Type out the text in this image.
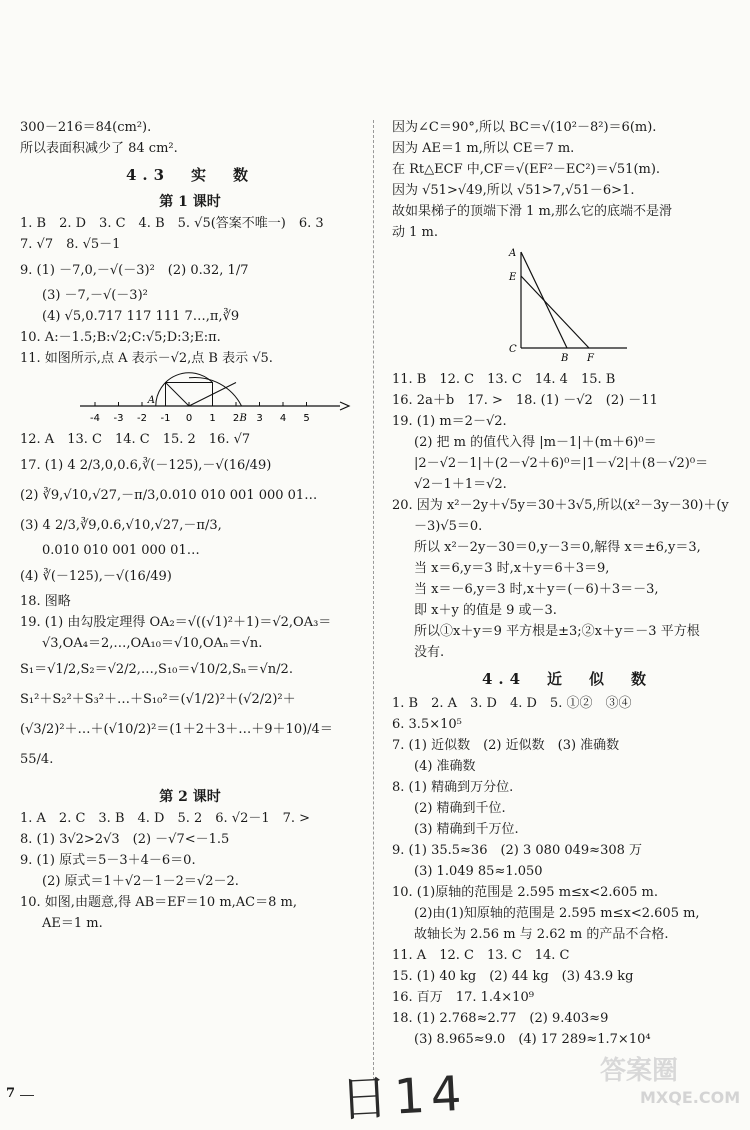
300－216＝84(cm²).
所以表面积减少了 84 cm².
4.3　实　数
第 1 课时
1. B　2. D　3. C　4. B　5. √5(答案不唯一)　6. 3
7. √7　8. √5－1
9. (1) －7,0,－√(－3)²　(2) 0.32, 1/7
(3) －7,－√(－3)²
(4) √5,0.717 117 111 7…,π,∛9
10. A:－1.5;B:√2;C:√5;D:3;E:π.
11. 如图所示,点 A 表示－√2,点 B 表示 √5.
-4 -3 -2 -1 0 1 2 3 4 5
A
B
12. A　13. C　14. C　15. 2　16. √7
17. (1) 4 2/3,0,0.6,∛(－125),－√(16/49)
(2) ∛9,√10,√27,－π/3,0.010 010 001 000 01…
(3) 4 2/3,∛9,0.6,√10,√27,－π/3,
0.010 010 001 000 01…
(4) ∛(－125),－√(16/49)
18. 图略
19. (1) 由勾股定理得 OA₂＝√((√1)²＋1)＝√2,OA₃＝
√3,OA₄＝2,…,OA₁₀＝√10,OAₙ＝√n.
S₁＝√1/2,S₂＝√2/2,…,S₁₀＝√10/2,Sₙ＝√n/2.
S₁²＋S₂²＋S₃²＋…＋S₁₀²＝(√1/2)²＋(√2/2)²＋
(√3/2)²＋…＋(√10/2)²＝(1＋2＋3＋…＋9＋10)/4＝
55/4.
第 2 课时
1. A　2. C　3. B　4. D　5. 2　6. √2－1　7. >
8. (1) 3√2>2√3　(2) －√7<－1.5
9. (1) 原式＝5－3＋4－6＝0.
(2) 原式＝1＋√2－1－2＝√2－2.
10. 如图,由题意,得 AB＝EF＝10 m,AC＝8 m,
AE＝1 m.
因为∠C＝90°,所以 BC＝√(10²－8²)＝6(m).
因为 AE＝1 m,所以 CE＝7 m.
在 Rt△ECF 中,CF＝√(EF²－EC²)＝√51(m).
因为 √51>√49,所以 √51>7,√51－6>1.
故如果梯子的顶端下滑 1 m,那么它的底端不是滑
动 1 m.
A
E
C
B F
11. B　12. C　13. C　14. 4　15. B
16. 2a＋b　17. >　18. (1) －√2　(2) －11
19. (1) m＝2－√2.
(2) 把 m 的值代入得 |m－1|＋(m＋6)⁰＝
|2－√2－1|＋(2－√2＋6)⁰＝|1－√2|＋(8－√2)⁰＝
√2－1＋1＝√2.
20. 因为 x²－2y＋√5y＝30＋3√5,所以(x²－3y－30)＋(y
－3)√5＝0.
所以 x²－2y－30＝0,y－3＝0,解得 x＝±6,y＝3,
当 x＝6,y＝3 时,x＋y＝6＋3＝9,
当 x＝－6,y＝3 时,x＋y＝(－6)＋3＝－3,
即 x＋y 的值是 9 或－3.
所以①x＋y＝9 平方根是±3;②x＋y＝－3 平方根
没有.
4.4　近　似　数
1. B　2. A　3. D　4. D　5. ①②　③④
6. 3.5×10⁵
7. (1) 近似数　(2) 近似数　(3) 准确数
(4) 准确数
8. (1) 精确到万分位.
(2) 精确到千位.
(3) 精确到千万位.
9. (1) 35.5≈36　(2) 3 080 049≈308 万
(3) 1.049 85≈1.050
10. (1)原轴的范围是 2.595 m≤x<2.605 m.
(2)由(1)知原轴的范围是 2.595 m≤x<2.605 m,
故轴长为 2.56 m 与 2.62 m 的产品不合格.
11. A　12. C　13. C　14. C
15. (1) 40 kg　(2) 44 kg　(3) 43.9 kg
16. 百万　17. 1.4×10⁹
18. (1) 2.768≈2.77　(2) 9.403≈9
(3) 8.965≈9.0　(4) 17 289≈1.7×10⁴
7	日14	答案圈
MXQE.COM
